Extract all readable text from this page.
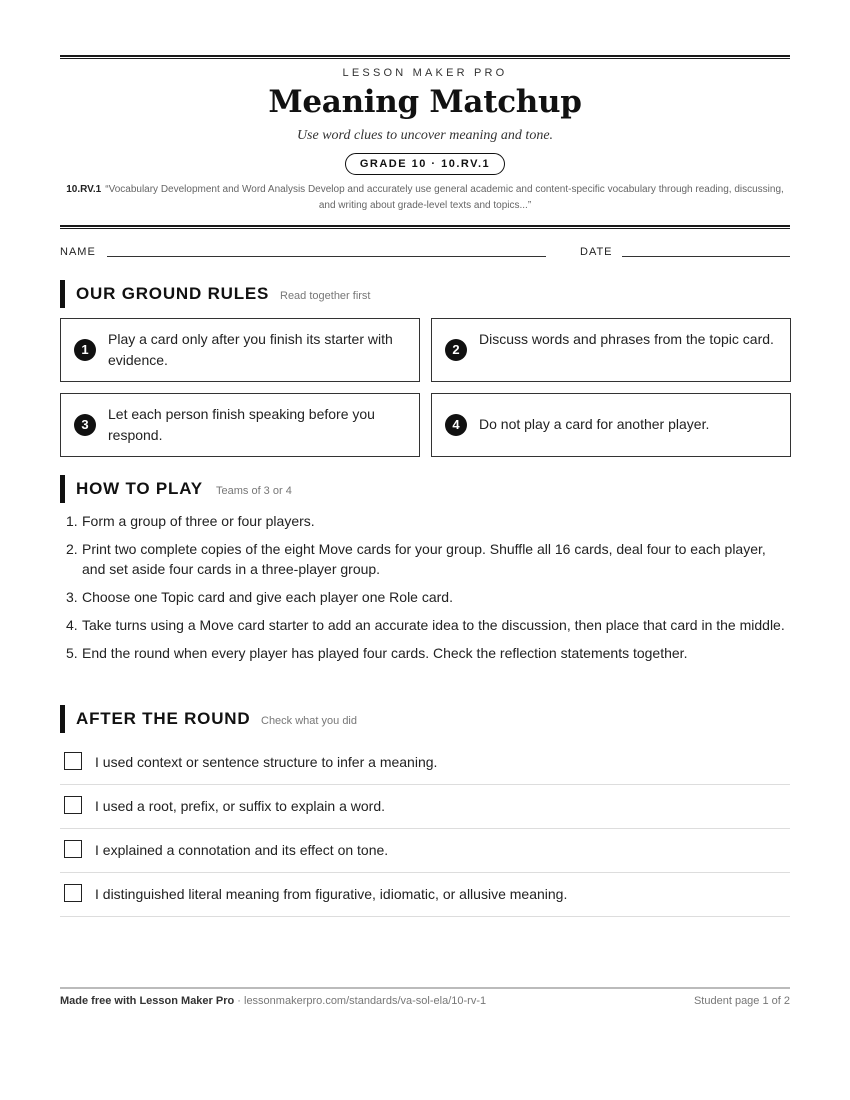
LESSON MAKER PRO
Meaning Matchup
Use word clues to uncover meaning and tone.
GRADE 10 · 10.RV.1
10.RV.1 “Vocabulary Development and Word Analysis Develop and accurately use general academic and content-specific vocabulary through reading, discussing, and writing about grade-level texts and topics...”
NAME	DATE
OUR GROUND RULES Read together first
1
Play a card only after you finish its starter with evidence.
2
Discuss words and phrases from the topic card.
3
Let each person finish speaking before you respond.
4	Do not play a card for another player.
HOW TO PLAY Teams of 3 or 4
1. Form a group of three or four players.
2. Print two complete copies of the eight Move cards for your group. Shuffle all 16 cards, deal four to each player, and set aside four cards in a three-player group.
3. Choose one Topic card and give each player one Role card.
4. Take turns using a Move card starter to add an accurate idea to the discussion, then place that card in the middle.
5. End the round when every player has played four cards. Check the reflection statements together.
AFTER THE ROUND Check what you did
I used context or sentence structure to infer a meaning.
I used a root, prefix, or suffix to explain a word.
I explained a connotation and its effect on tone.
I distinguished literal meaning from figurative, idiomatic, or allusive meaning.
Made free with Lesson Maker Pro · lessonmakerpro.com/standards/va-sol-ela/10-rv-1	Student page 1 of 2
